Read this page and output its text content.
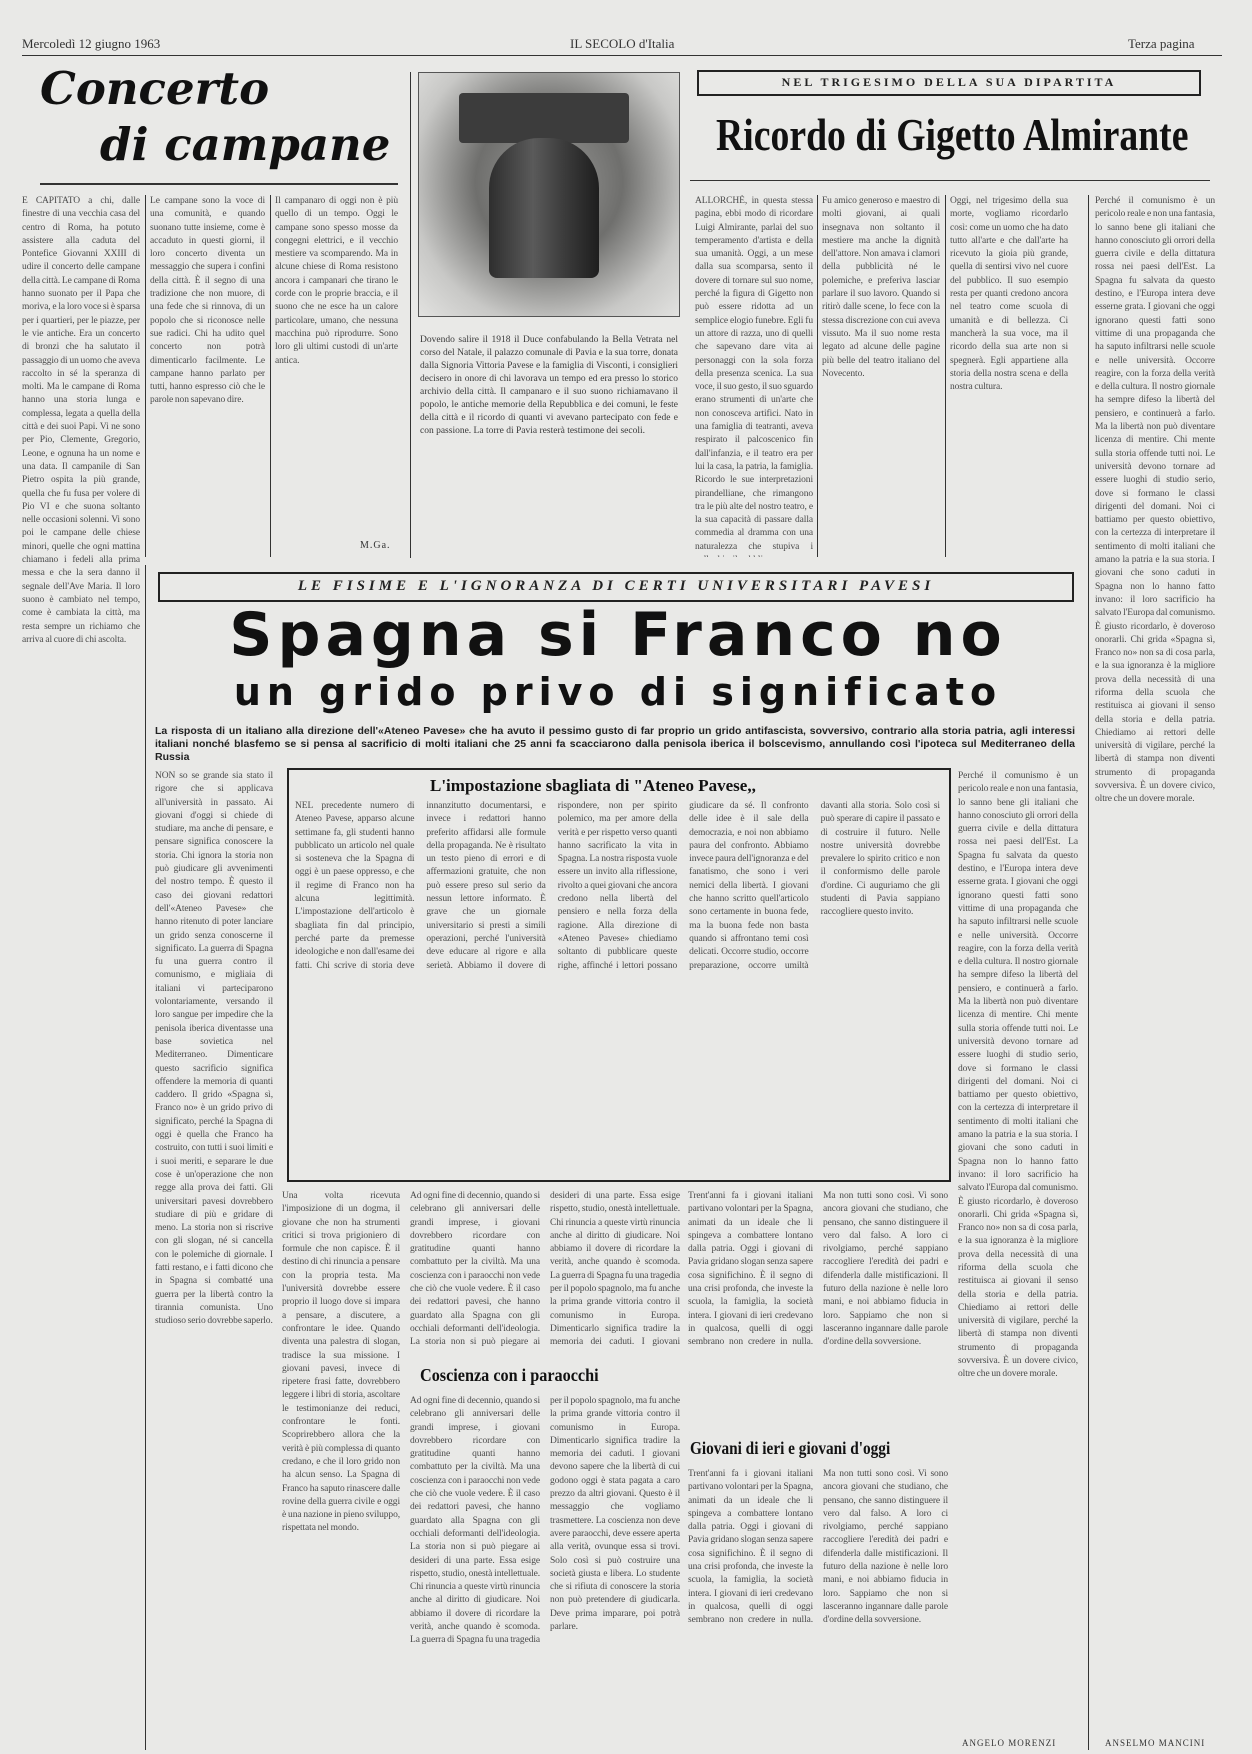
Mercoledì 12 giugno 1963	IL SECOLO d'Italia	Terza pagina
Concerto
di campane
E CAPITATO a chi, dalle finestre di una vecchia casa del centro di Roma, ha potuto assistere alla caduta del Pontefice Giovanni XXIII di udire il concerto delle campane della città. Le campane di Roma hanno suonato per il Papa che moriva, e la loro voce si è sparsa per i quartieri, per le piazze, per le vie antiche. Era un concerto di bronzi che ha salutato il passaggio di un uomo che aveva raccolto in sé la speranza di molti. Ma le campane di Roma hanno una storia lunga e complessa, legata a quella della città e dei suoi Papi. Vi ne sono per Pio, Clemente, Gregorio, Leone, e ognuna ha un nome e una data. Il campanile di San Pietro ospita la più grande, quella che fu fusa per volere di Pio VI e che suona soltanto nelle occasioni solenni. Vi sono poi le campane delle chiese minori, quelle che ogni mattina chiamano i fedeli alla prima messa e che la sera danno il segnale dell'Ave Maria. Il loro suono è cambiato nel tempo, come è cambiata la città, ma resta sempre un richiamo che arriva al cuore di chi ascolta.
Le campane sono la voce di una comunità, e quando suonano tutte insieme, come è accaduto in questi giorni, il loro concerto diventa un messaggio che supera i confini della città. È il segno di una tradizione che non muore, di una fede che si rinnova, di un popolo che si riconosce nelle sue radici. Chi ha udito quel concerto non potrà dimenticarlo facilmente. Le campane hanno parlato per tutti, hanno espresso ciò che le parole non sapevano dire.
Il campanaro di oggi non è più quello di un tempo. Oggi le campane sono spesso mosse da congegni elettrici, e il vecchio mestiere va scomparendo. Ma in alcune chiese di Roma resistono ancora i campanari che tirano le corde con le proprie braccia, e il suono che ne esce ha un calore particolare, umano, che nessuna macchina può riprodurre. Sono loro gli ultimi custodi di un'arte antica.
M.Ga.
Dovendo salire il 1918 il Duce confabulando la Bella Vetrata nel corso del Natale, il palazzo comunale di Pavia e la sua torre, donata dalla Signoria Vittoria Pavese e la famiglia di Visconti, i consiglieri decisero in onore di chi lavorava un tempo ed era presso lo storico archivio della città. Il campanaro e il suo suono richiamavano il popolo, le antiche memorie della Repubblica e dei comuni, le feste della città e il ricordo di quanti vi avevano partecipato con fede e con passione. La torre di Pavia resterà testimone dei secoli.
NEL TRIGESIMO DELLA SUA DIPARTITA
Ricordo di Gigetto Almirante
ALLORCHÈ, in questa stessa pagina, ebbi modo di ricordare Luigi Almirante, parlai del suo temperamento d'artista e della sua umanità. Oggi, a un mese dalla sua scomparsa, sento il dovere di tornare sul suo nome, perché la figura di Gigetto non può essere ridotta ad un semplice elogio funebre. Egli fu un attore di razza, uno di quelli che sapevano dare vita ai personaggi con la sola forza della presenza scenica. La sua voce, il suo gesto, il suo sguardo erano strumenti di un'arte che non conosceva artifici. Nato in una famiglia di teatranti, aveva respirato il palcoscenico fin dall'infanzia, e il teatro era per lui la casa, la patria, la famiglia. Ricordo le sue interpretazioni pirandelliane, che rimangono tra le più alte del nostro teatro, e la sua capacità di passare dalla commedia al dramma con una naturalezza che stupiva i
Fu amico generoso e maestro di molti giovani, ai quali insegnava non soltanto il mestiere ma anche la dignità dell'attore. Non amava i clamori della pubblicità né le polemiche, e preferiva lasciar parlare il suo lavoro. Quando si ritirò dalle scene, lo fece con la stessa discrezione con cui aveva vissuto. Ma il suo nome resta legato ad alcune delle pagine più belle del teatro italiano del Novecento.
Oggi, nel trigesimo della sua morte, vogliamo ricordarlo così: come un uomo che ha dato tutto all'arte e che dall'arte ha ricevuto la gioia più grande, quella di sentirsi vivo nel cuore del pubblico. Il suo esempio resta per quanti credono ancora nel teatro come scuola di umanità e di bellezza. Ci mancherà la sua voce, ma il ricordo della sua arte non si spegnerà. Egli appartiene alla storia della nostra scena e della nostra cultura.
Perché il comunismo è un pericolo reale e non una fantasia, lo sanno bene gli italiani che hanno conosciuto gli orrori della guerra civile e della dittatura rossa nei paesi dell'Est. La Spagna fu salvata da questo destino, e l'Europa intera deve esserne grata. I giovani che oggi ignorano questi fatti sono vittime di una propaganda che ha saputo infiltrarsi nelle scuole e nelle università. Occorre reagire, con la forza della verità e della cultura. Il nostro giornale ha sempre difeso la libertà del pensiero, e continuerà a farlo. Ma la libertà non può diventare licenza di mentire. Chi mente sulla storia offende tutti noi. Le università devono tornare ad essere luoghi di studio serio, dove si formano le classi dirigenti del domani. Noi ci battiamo per questo obiettivo, con la certezza di interpretare il sentimento di molti italiani che amano la patria e la sua storia. I giovani che sono caduti in Spagna non lo hanno fatto invano: il loro sacrificio ha salvato l'Europa dal comunismo. È giusto ricordarlo, è doveroso onorarli. Chi grida «Spagna sì, Franco no» non sa di cosa parla, e la sua ignoranza è la migliore prova della necessità di una riforma della scuola che restituisca ai giovani il senso della storia e della patria. Chiediamo ai rettori delle università di vigilare, perché la libertà di stampa non diventi strumento di propaganda sovversiva. È un dovere civico, oltre che un dovere morale.
LE FISIME E L'IGNORANZA DI CERTI UNIVERSITARI PAVESI
Spagna si Franco no
un grido privo di significato
La risposta di un italiano alla direzione dell'«Ateneo Pavese» che ha avuto il pessimo gusto di far proprio un grido antifascista, sovversivo, contrario alla storia patria, agli interessi italiani nonché blasfemo se si pensa al sacrificio di molti italiani che 25 anni fa scacciarono dalla penisola iberica il bolscevismo, annullando così l'ipoteca sul Mediterraneo della Russia
NON so se grande sia stato il rigore che si applicava all'università in passato. Ai giovani d'oggi si chiede di studiare, ma anche di pensare, e pensare significa conoscere la storia. Chi ignora la storia non può giudicare gli avvenimenti del nostro tempo. È questo il caso dei giovani redattori dell'«Ateneo Pavese» che hanno ritenuto di poter lanciare un grido senza conoscerne il significato. La guerra di Spagna fu una guerra contro il comunismo, e migliaia di italiani vi parteciparono volontariamente, versando il loro sangue per impedire che la penisola iberica diventasse una base sovietica nel Mediterraneo. Dimenticare questo sacrificio significa offendere la memoria di quanti caddero. Il grido «Spagna sì, Franco no» è un grido privo di significato, perché la Spagna di oggi è quella che Franco ha costruito, con tutti i suoi limiti e i suoi meriti, e separare le due cose è un'operazione che non regge alla prova dei fatti. Gli universitari pavesi dovrebbero studiare di più e gridare di meno. La storia non si riscrive con gli slogan, né si cancella con le polemiche di giornale. I fatti restano, e i fatti dicono che in Spagna si combatté una guerra per la libertà contro la tirannia comunista. Uno studioso serio dovrebbe saperlo.
L'impostazione sbagliata di "Ateneo Pavese,,
NEL precedente numero di Ateneo Pavese, apparso alcune settimane fa, gli studenti hanno pubblicato un articolo nel quale si sosteneva che la Spagna di oggi è un paese oppresso, e che il regime di Franco non ha alcuna legittimità. L'impostazione dell'articolo è sbagliata fin dal principio, perché parte da premesse ideologiche e non dall'esame dei fatti. Chi scrive di storia deve innanzitutto documentarsi, e invece i redattori hanno preferito affidarsi alle formule della propaganda. Ne è risultato un testo pieno di errori e di affermazioni gratuite, che non può essere preso sul serio da nessun lettore informato. È grave che un giornale universitario si presti a simili operazioni, perché l'università deve educare al rigore e alla serietà. Abbiamo il dovere di rispondere, non per spirito polemico, ma per amore della verità e per rispetto verso quanti hanno sacrificato la vita in Spagna. La nostra risposta vuole essere un invito alla riflessione, rivolto a quei giovani che ancora credono nella libertà del pensiero e nella forza della ragione. Alla direzione di «Ateneo Pavese» chiediamo soltanto di pubblicare queste righe, affinché i lettori possano giudicare da sé. Il confronto delle idee è il sale della democrazia, e noi non abbiamo paura del confronto. Abbiamo invece paura dell'ignoranza e del fanatismo, che sono i veri nemici della libertà. I giovani che hanno scritto quell'articolo sono certamente in buona fede, ma la buona fede non basta quando si affrontano temi così delicati. Occorre studio, occorre preparazione, occorre umiltà davanti alla storia. Solo così si può sperare di capire il passato e di costruire il futuro. Nelle nostre università dovrebbe prevalere lo spirito critico e non il conformismo delle parole d'ordine. Ci auguriamo che gli studenti di Pavia sappiano raccogliere questo invito.
Una volta ricevuta l'imposizione di un dogma, il giovane che non ha strumenti critici si trova prigioniero di formule che non capisce. È il destino di chi rinuncia a pensare con la propria testa. Ma l'università dovrebbe essere proprio il luogo dove si impara a pensare, a discutere, a confrontare le idee. Quando diventa una palestra di slogan, tradisce la sua missione. I giovani pavesi, invece di ripetere frasi fatte, dovrebbero leggere i libri di storia, ascoltare le testimonianze dei reduci, confrontare le fonti. Scoprirebbero allora che la verità è più complessa di quanto credano, e che il loro grido non ha alcun senso. La Spagna di Franco ha saputo rinascere dalle rovine della guerra civile e oggi è una nazione in pieno sviluppo, rispettata nel mondo.
Coscienza con i paraocchi
Ad ogni fine di decennio, quando si celebrano gli anniversari delle grandi imprese, i giovani dovrebbero ricordare con gratitudine quanti hanno combattuto per la civiltà. Ma una coscienza con i paraocchi non vede che ciò che vuole vedere. È il caso dei redattori pavesi, che hanno guardato alla Spagna con gli occhiali deformanti dell'ideologia. La storia non si può piegare ai desideri di una parte. Essa esige rispetto, studio, onestà intellettuale. Chi rinuncia a queste virtù rinuncia anche al diritto di giudicare. Noi abbiamo il dovere di ricordare la verità, anche quando è scomoda. La guerra di Spagna fu una tragedia per il popolo spagnolo, ma fu anche la prima grande vittoria contro il comunismo in Europa. Dimenticarlo significa tradire la memoria dei caduti. I giovani
Ad ogni fine di decennio, quando si celebrano gli anniversari delle grandi imprese, i giovani dovrebbero ricordare con gratitudine quanti hanno combattuto per la civiltà. Ma una coscienza con i paraocchi non vede che ciò che vuole vedere. È il caso dei redattori pavesi, che hanno guardato alla Spagna con gli occhiali deformanti dell'ideologia. La storia non si può piegare ai desideri di una parte. Essa esige rispetto, studio, onestà intellettuale. Chi rinuncia a queste virtù rinuncia anche al diritto di giudicare. Noi abbiamo il dovere di ricordare la verità, anche quando è scomoda. La guerra di Spagna fu una tragedia per il popolo spagnolo, ma fu anche la prima grande vittoria contro il comunismo in Europa. Dimenticarlo significa tradire la memoria dei caduti. I giovani devono sapere che la libertà di cui godono oggi è stata pagata a caro prezzo da altri giovani. Questo è il messaggio che vogliamo trasmettere. La coscienza non deve avere paraocchi, deve essere aperta alla verità, ovunque essa si trovi. Solo così si può costruire una società giusta e libera. Lo studente che si rifiuta di conoscere la storia non può pretendere di giudicarla. Deve prima imparare, poi potrà parlare.
Trent'anni fa i giovani italiani partivano volontari per la Spagna, animati da un ideale che li spingeva a combattere lontano dalla patria. Oggi i giovani di Pavia gridano slogan senza sapere cosa significhino. È il segno di una crisi profonda, che investe la scuola, la famiglia, la società intera. I giovani di ieri credevano in qualcosa, quelli di oggi sembrano non credere in nulla. Ma non tutti sono così. Vi sono ancora giovani che studiano, che pensano, che sanno distinguere il vero dal falso. A loro ci rivolgiamo, perché sappiano raccogliere l'eredità dei padri e difenderla dalle mistificazioni. Il futuro della nazione è nelle loro mani, e noi abbiamo fiducia in loro. Sappiamo che non si lasceranno ingannare dalle parole d'ordine della sovversione.
Giovani di ieri e giovani d'oggi
Trent'anni fa i giovani italiani partivano volontari per la Spagna, animati da un ideale che li spingeva a combattere lontano dalla patria. Oggi i giovani di Pavia gridano slogan senza sapere cosa significhino. È il segno di una crisi profonda, che investe la scuola, la famiglia, la società intera. I giovani di ieri credevano in qualcosa, quelli di oggi sembrano non credere in nulla. Ma non tutti sono così. Vi sono ancora giovani che studiano, che pensano, che sanno distinguere il vero dal falso. A loro ci rivolgiamo, perché sappiano raccogliere l'eredità dei padri e difenderla dalle mistificazioni. Il futuro della nazione è nelle loro mani, e noi abbiamo fiducia in loro. Sappiamo che non si lasceranno ingannare dalle parole d'ordine della sovversione.
Perché il comunismo è un pericolo reale e non una fantasia, lo sanno bene gli italiani che hanno conosciuto gli orrori della guerra civile e della dittatura rossa nei paesi dell'Est. La Spagna fu salvata da questo destino, e l'Europa intera deve esserne grata. I giovani che oggi ignorano questi fatti sono vittime di una propaganda che ha saputo infiltrarsi nelle scuole e nelle università. Occorre reagire, con la forza della verità e della cultura. Il nostro giornale ha sempre difeso la libertà del pensiero, e continuerà a farlo. Ma la libertà non può diventare licenza di mentire. Chi mente sulla storia offende tutti noi. Le università devono tornare ad essere luoghi di studio serio, dove si formano le classi dirigenti del domani. Noi ci battiamo per questo obiettivo, con la certezza di interpretare il sentimento di molti italiani che amano la patria e la sua storia. I giovani che sono caduti in Spagna non lo hanno fatto invano: il loro sacrificio ha salvato l'Europa dal comunismo. È giusto ricordarlo, è doveroso onorarli. Chi grida «Spagna sì, Franco no» non sa di cosa parla, e la sua ignoranza è la migliore prova della necessità di una riforma della scuola che restituisca ai giovani il senso della storia e della patria. Chiediamo ai rettori delle università di vigilare, perché la libertà di stampa non diventi strumento di propaganda sovversiva. È un dovere civico, oltre che un dovere morale.
ANGELO MORENZI	ANSELMO MANCINI
